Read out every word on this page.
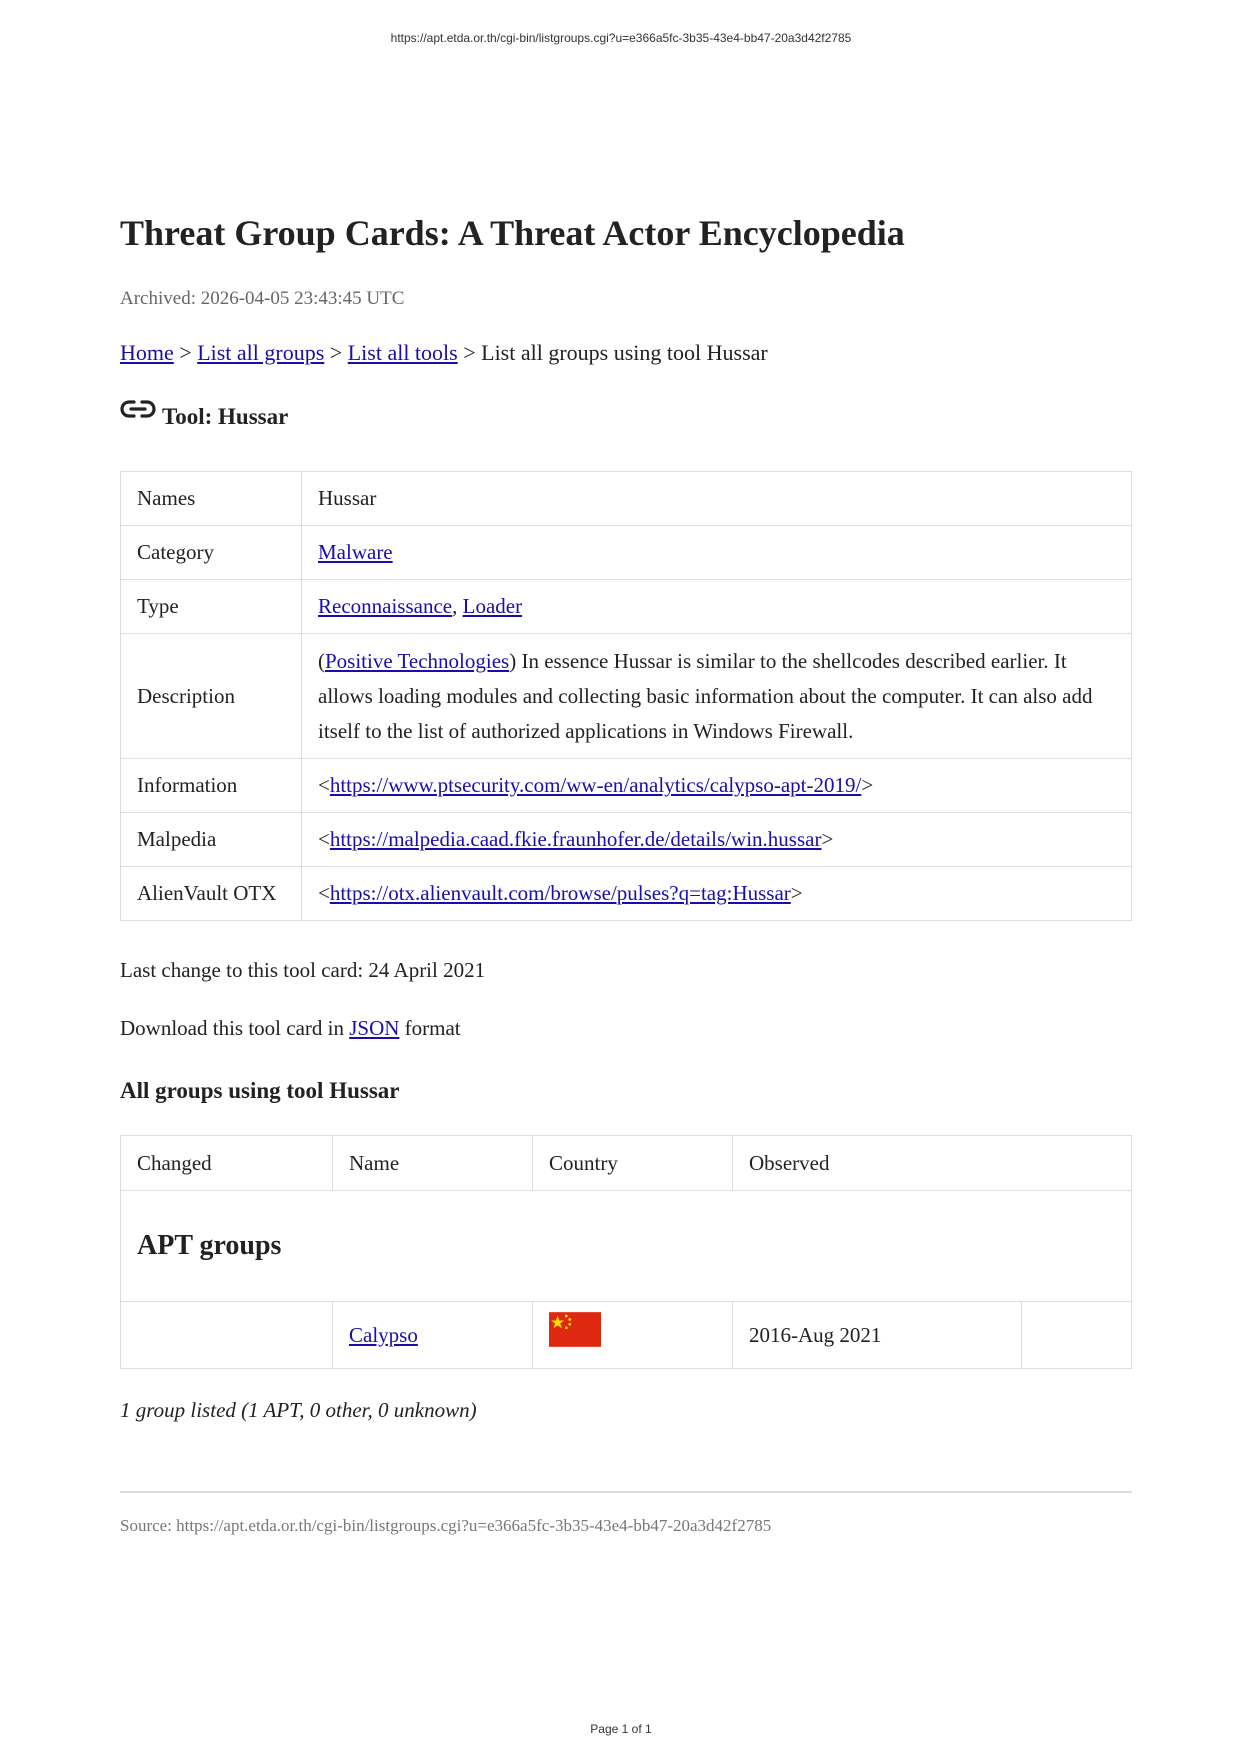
https://apt.etda.or.th/cgi-bin/listgroups.cgi?u=e366a5fc-3b35-43e4-bb47-20a3d42f2785
Threat Group Cards: A Threat Actor Encyclopedia
Archived: 2026-04-05 23:43:45 UTC
Home > List all groups > List all tools > List all groups using tool Hussar
Tool: Hussar
Names	Hussar
Category	Malware
Type	Reconnaissance, Loader
Description	(Positive Technologies) In essence Hussar is similar to the shellcodes described earlier. It allows loading modules and collecting basic information about the computer. It can also add itself to the list of authorized applications in Windows Firewall.

Information	<https://www.ptsecurity.com/ww-en/analytics/calypso-apt-2019/>
Malpedia	<https://malpedia.caad.fkie.fraunhofer.de/details/win.hussar>
AlienVault OTX	<https://otx.alienvault.com/browse/pulses?q=tag:Hussar>
Last change to this tool card: 24 April 2021
Download this tool card in JSON format
All groups using tool Hussar
Changed	Name	Country	Observed	
APT groups				
	Calypso		2016-Aug 2021	
1 group listed (1 APT, 0 other, 0 unknown)
Source: https://apt.etda.or.th/cgi-bin/listgroups.cgi?u=e366a5fc-3b35-43e4-bb47-20a3d42f2785
Page 1 of 1
